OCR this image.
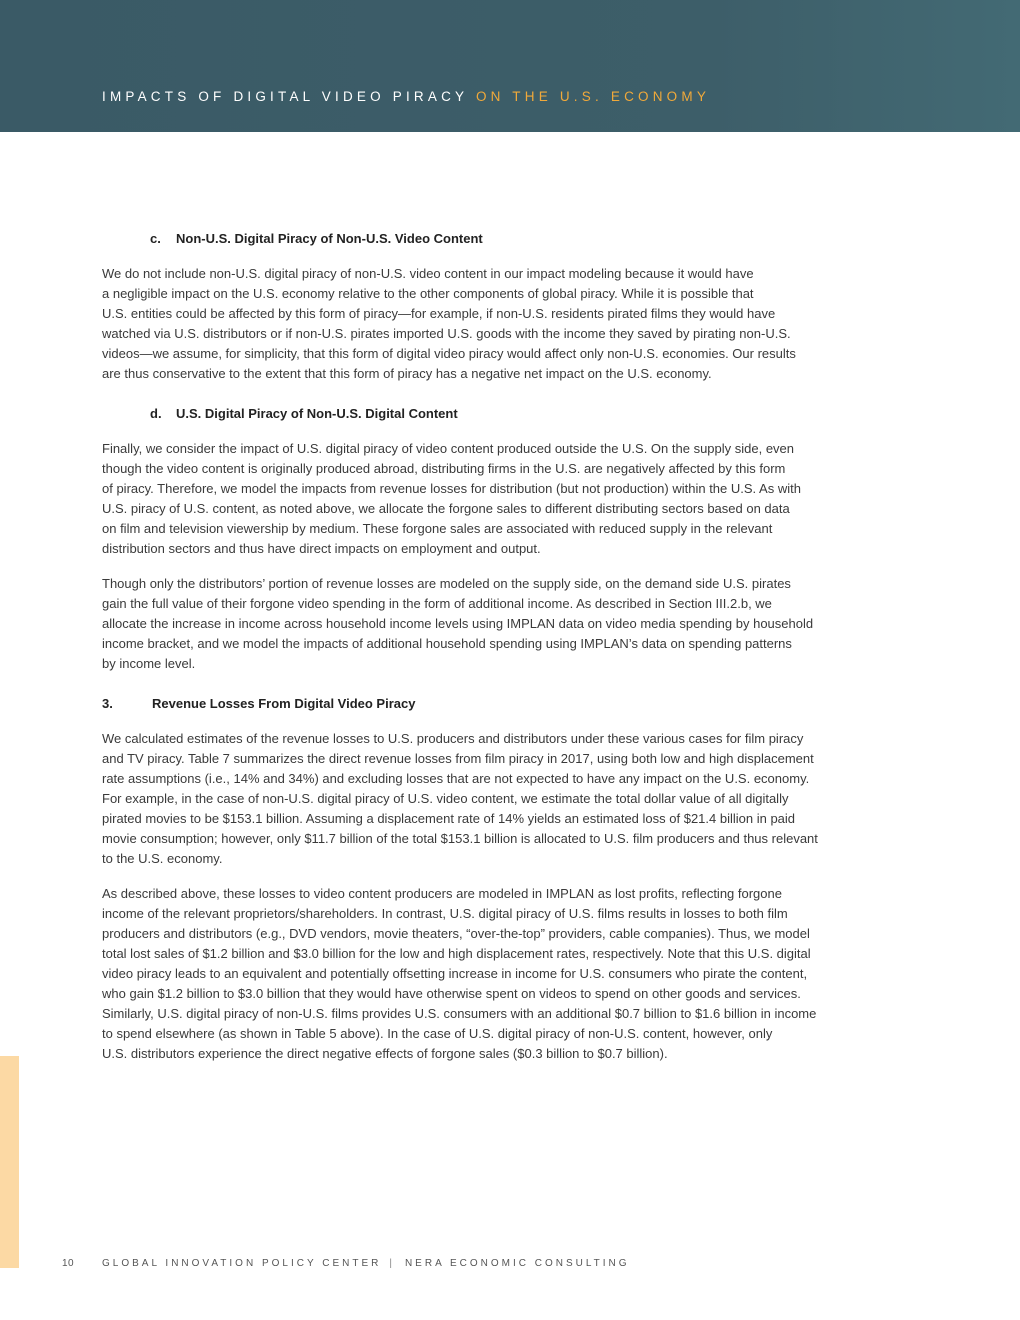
IMPACTS OF DIGITAL VIDEO PIRACY ON THE U.S. ECONOMY
c. Non-U.S. Digital Piracy of Non-U.S. Video Content

We do not include non-U.S. digital piracy of non-U.S. video content in our impact modeling because it would have
a negligible impact on the U.S. economy relative to the other components of global piracy. While it is possible that
U.S. entities could be affected by this form of piracy—for example, if non-U.S. residents pirated films they would have
watched via U.S. distributors or if non-U.S. pirates imported U.S. goods with the income they saved by pirating non-U.S.
videos—we assume, for simplicity, that this form of digital video piracy would affect only non-U.S. economies. Our results
are thus conservative to the extent that this form of piracy has a negative net impact on the U.S. economy.

d. U.S. Digital Piracy of Non-U.S. Digital Content

Finally, we consider the impact of U.S. digital piracy of video content produced outside the U.S. On the supply side, even
though the video content is originally produced abroad, distributing firms in the U.S. are negatively affected by this form
of piracy. Therefore, we model the impacts from revenue losses for distribution (but not production) within the U.S. As with
U.S. piracy of U.S. content, as noted above, we allocate the forgone sales to different distributing sectors based on data
on film and television viewership by medium. These forgone sales are associated with reduced supply in the relevant
distribution sectors and thus have direct impacts on employment and output.

Though only the distributors’ portion of revenue losses are modeled on the supply side, on the demand side U.S. pirates
gain the full value of their forgone video spending in the form of additional income. As described in Section III.2.b, we
allocate the increase in income across household income levels using IMPLAN data on video media spending by household
income bracket, and we model the impacts of additional household spending using IMPLAN’s data on spending patterns
by income level.

3.	Revenue Losses From Digital Video Piracy

We calculated estimates of the revenue losses to U.S. producers and distributors under these various cases for film piracy
and TV piracy. Table 7 summarizes the direct revenue losses from film piracy in 2017, using both low and high displacement
rate assumptions (i.e., 14% and 34%) and excluding losses that are not expected to have any impact on the U.S. economy.
For example, in the case of non-U.S. digital piracy of U.S. video content, we estimate the total dollar value of all digitally
pirated movies to be $153.1 billion. Assuming a displacement rate of 14% yields an estimated loss of $21.4 billion in paid
movie consumption; however, only $11.7 billion of the total $153.1 billion is allocated to U.S. film producers and thus relevant
to the U.S. economy.

As described above, these losses to video content producers are modeled in IMPLAN as lost profits, reflecting forgone
income of the relevant proprietors/shareholders. In contrast, U.S. digital piracy of U.S. films results in losses to both film
producers and distributors (e.g., DVD vendors, movie theaters, “over-the-top” providers, cable companies). Thus, we model
total lost sales of $1.2 billion and $3.0 billion for the low and high displacement rates, respectively. Note that this U.S. digital
video piracy leads to an equivalent and potentially offsetting increase in income for U.S. consumers who pirate the content,
who gain $1.2 billion to $3.0 billion that they would have otherwise spent on videos to spend on other goods and services.
Similarly, U.S. digital piracy of non-U.S. films provides U.S. consumers with an additional $0.7 billion to $1.6 billion in income
to spend elsewhere (as shown in Table 5 above). In the case of U.S. digital piracy of non-U.S. content, however, only
U.S. distributors experience the direct negative effects of forgone sales ($0.3 billion to $0.7 billion).

10	GLOBAL INNOVATION POLICY CENTER | NERA ECONOMIC CONSULTING
